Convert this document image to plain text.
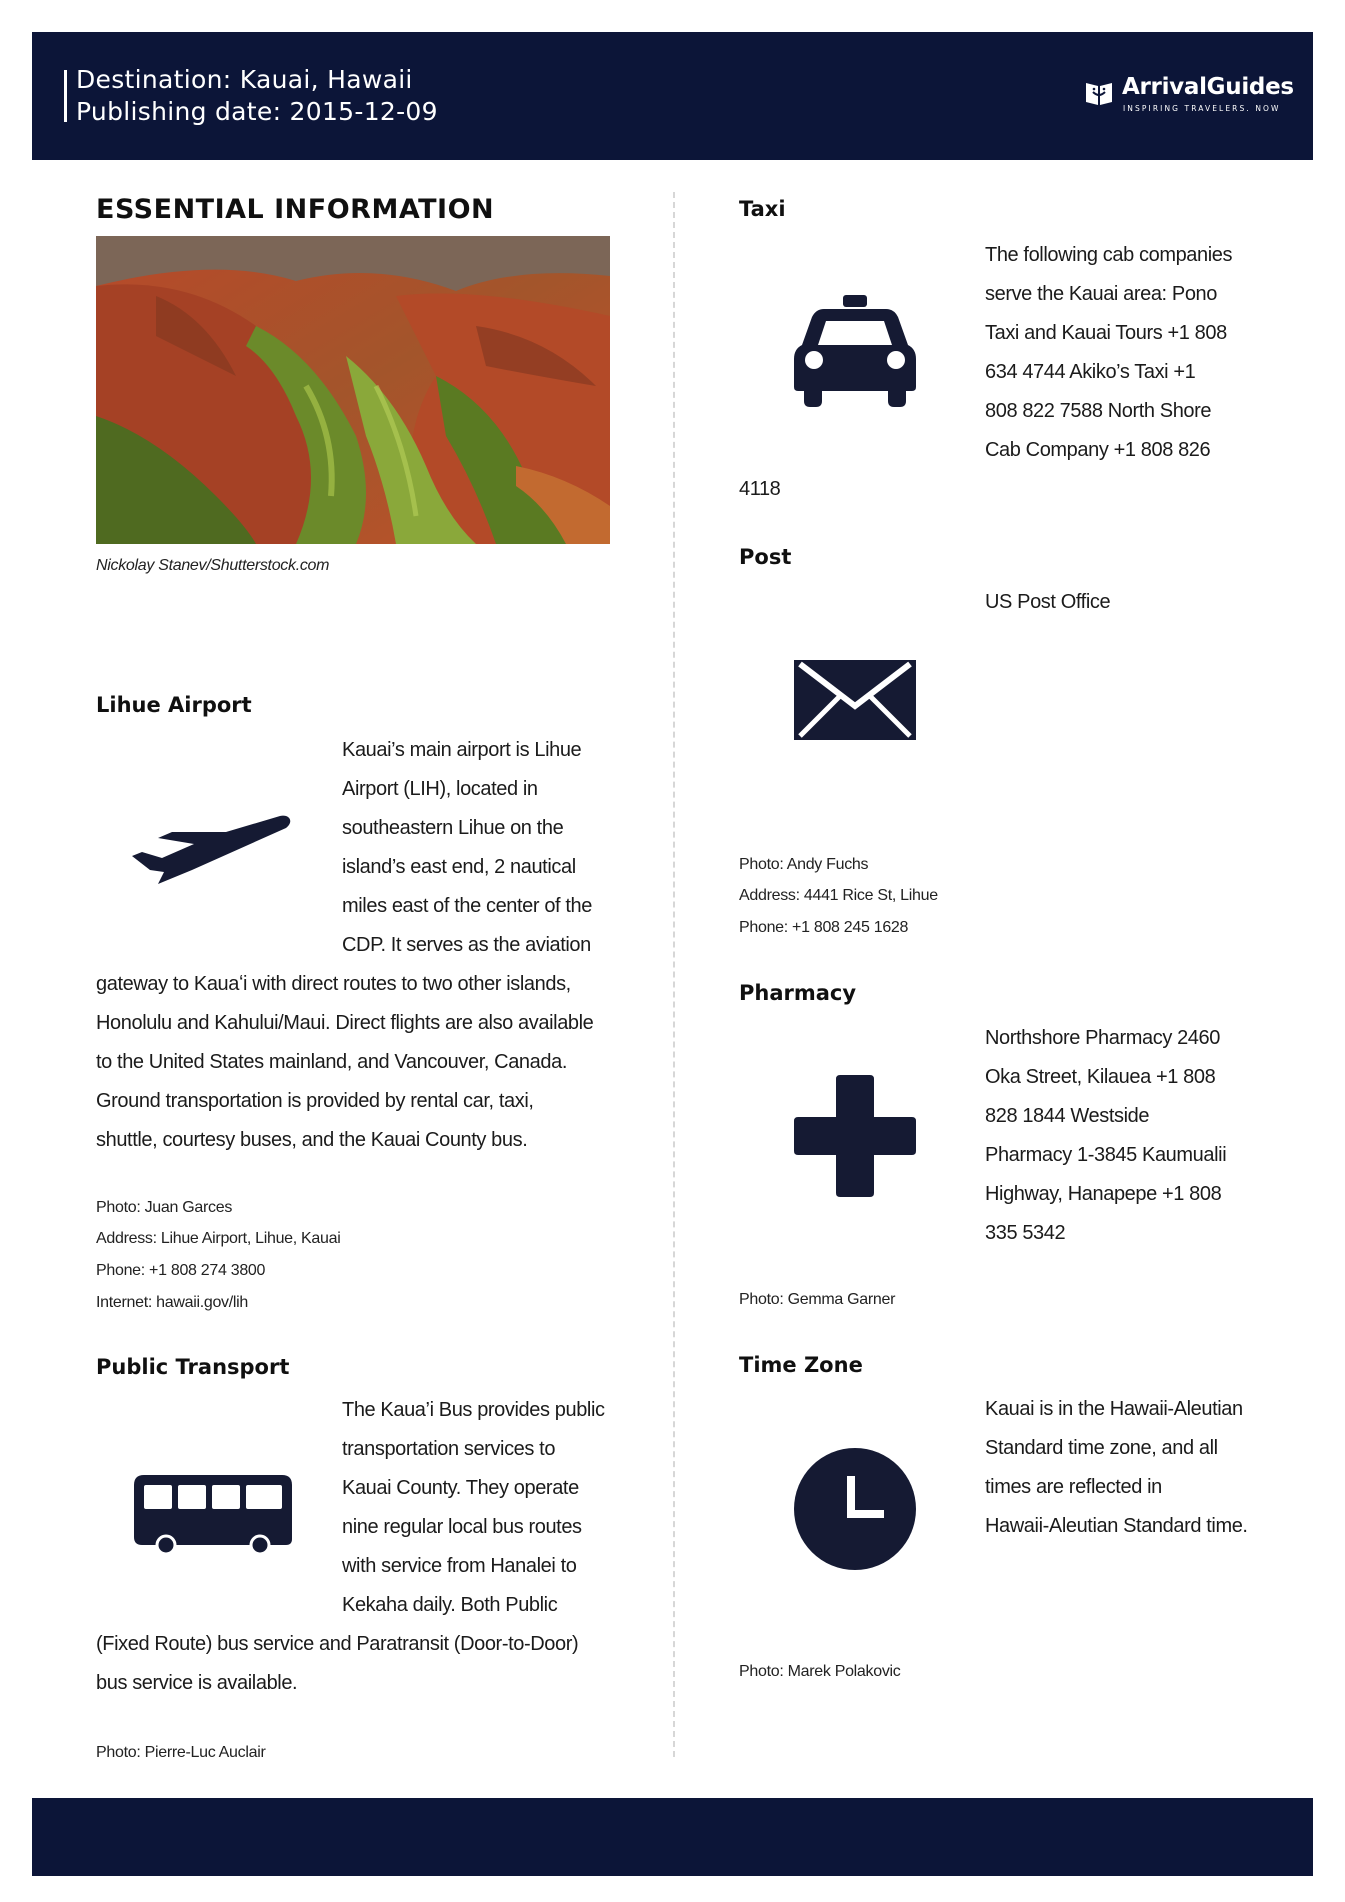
Destination: Kauai, Hawaii
Publishing date: 2015-12-09
ArrivalGuides
INSPIRING TRAVELERS. NOW
ESSENTIAL INFORMATION
Nickolay Stanev/Shutterstock.com
Lihue Airport
Kauai’s main airport is Lihue
Airport (LIH), located in
southeastern Lihue on the
island’s east end, 2 nautical
miles east of the center of the
CDP. It serves as the aviation
gateway to Kauaʻi with direct routes to two other islands,
Honolulu and Kahului/Maui. Direct flights are also available
to the United States mainland, and Vancouver, Canada.
Ground transportation is provided by rental car, taxi,
shuttle, courtesy buses, and the Kauai County bus.
Photo: Juan Garces
Address: Lihue Airport, Lihue, Kauai
Phone: +1 808 274 3800
Internet: hawaii.gov/lih
Public Transport
The Kaua’i Bus provides public
transportation services to
Kauai County. They operate
nine regular local bus routes
with service from Hanalei to
Kekaha daily. Both Public
(Fixed Route) bus service and Paratransit (Door-to-Door)
bus service is available.
Photo: Pierre-Luc Auclair
Taxi
The following cab companies
serve the Kauai area: Pono
Taxi and Kauai Tours +1 808
634 4744 Akiko’s Taxi +1
808 822 7588 North Shore
Cab Company +1 808 826
4118
Post
US Post Office
Photo: Andy Fuchs
Address: 4441 Rice St, Lihue
Phone: +1 808 245 1628
Pharmacy
Northshore Pharmacy 2460
Oka Street, Kilauea +1 808
828 1844 Westside
Pharmacy 1-3845 Kaumualii
Highway, Hanapepe +1 808
335 5342
Photo: Gemma Garner
Time Zone
Kauai is in the Hawaii-Aleutian
Standard time zone, and all
times are reflected in
Hawaii-Aleutian Standard time.
Photo: Marek Polakovic
